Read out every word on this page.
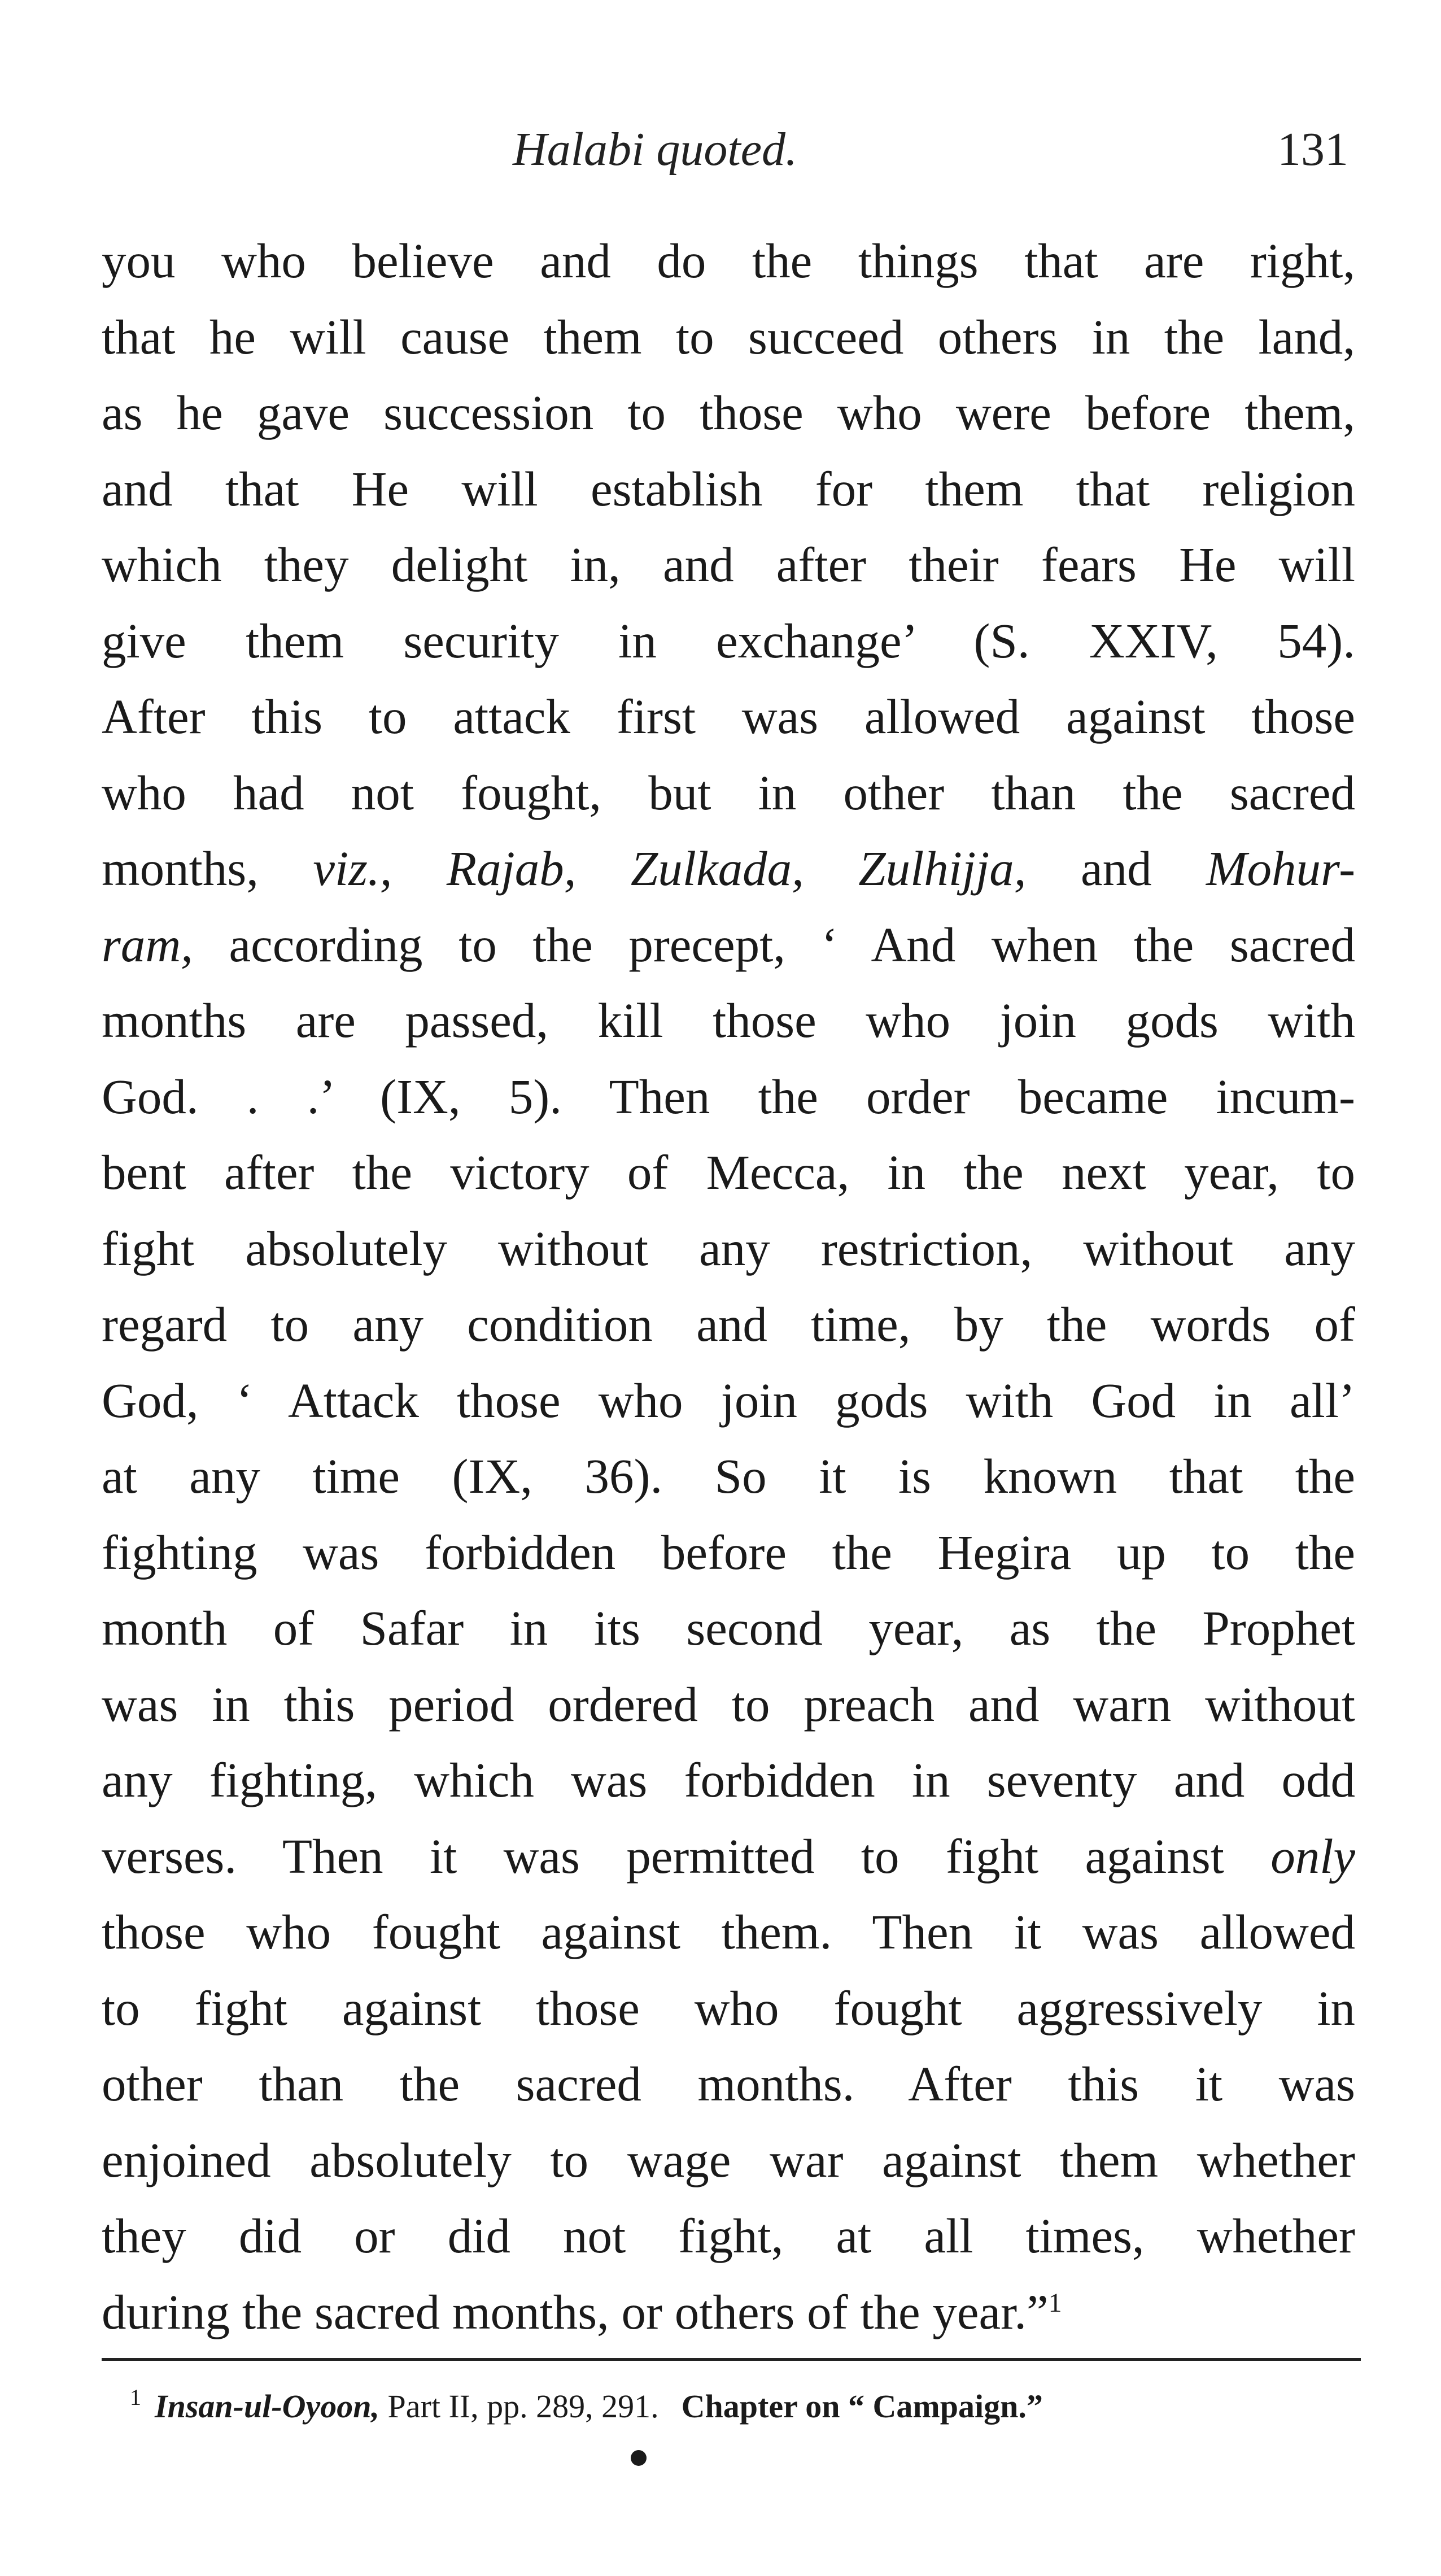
Halabi quoted.	131
you who believe and do the things that are right,
that he will cause them to succeed others in the land,
as he gave succession to those who were before them,
and that He will establish for them that religion
which they delight in, and after their fears He will
give them security in exchange’ (S. XXIV, 54).
After this to attack first was allowed against those
who had not fought, but in other than the sacred
months, viz., Rajab, Zulkada, Zulhijja, and Mohur-
ram, according to the precept, ‘ And when the sacred
months are passed, kill those who join gods with
God. . .’ (IX, 5). Then the order became incum-
bent after the victory of Mecca, in the next year, to
fight absolutely without any restriction, without any
regard to any condition and time, by the words of
God, ‘ Attack those who join gods with God in all’
at any time (IX, 36). So it is known that the
fighting was forbidden before the Hegira up to the
month of Safar in its second year, as the Prophet
was in this period ordered to preach and warn without
any fighting, which was forbidden in seventy and odd
verses. Then it was permitted to fight against only
those who fought against them. Then it was allowed
to fight against those who fought aggressively in
other than the sacred months. After this it was
enjoined absolutely to wage war against them whether
they did or did not fight, at all times, whether
during the sacred months, or others of the year.”$^1$
$^1$ Insan-ul-Oyoon, Part II, pp. 289, 291. Chapter on “ Campaign.”
